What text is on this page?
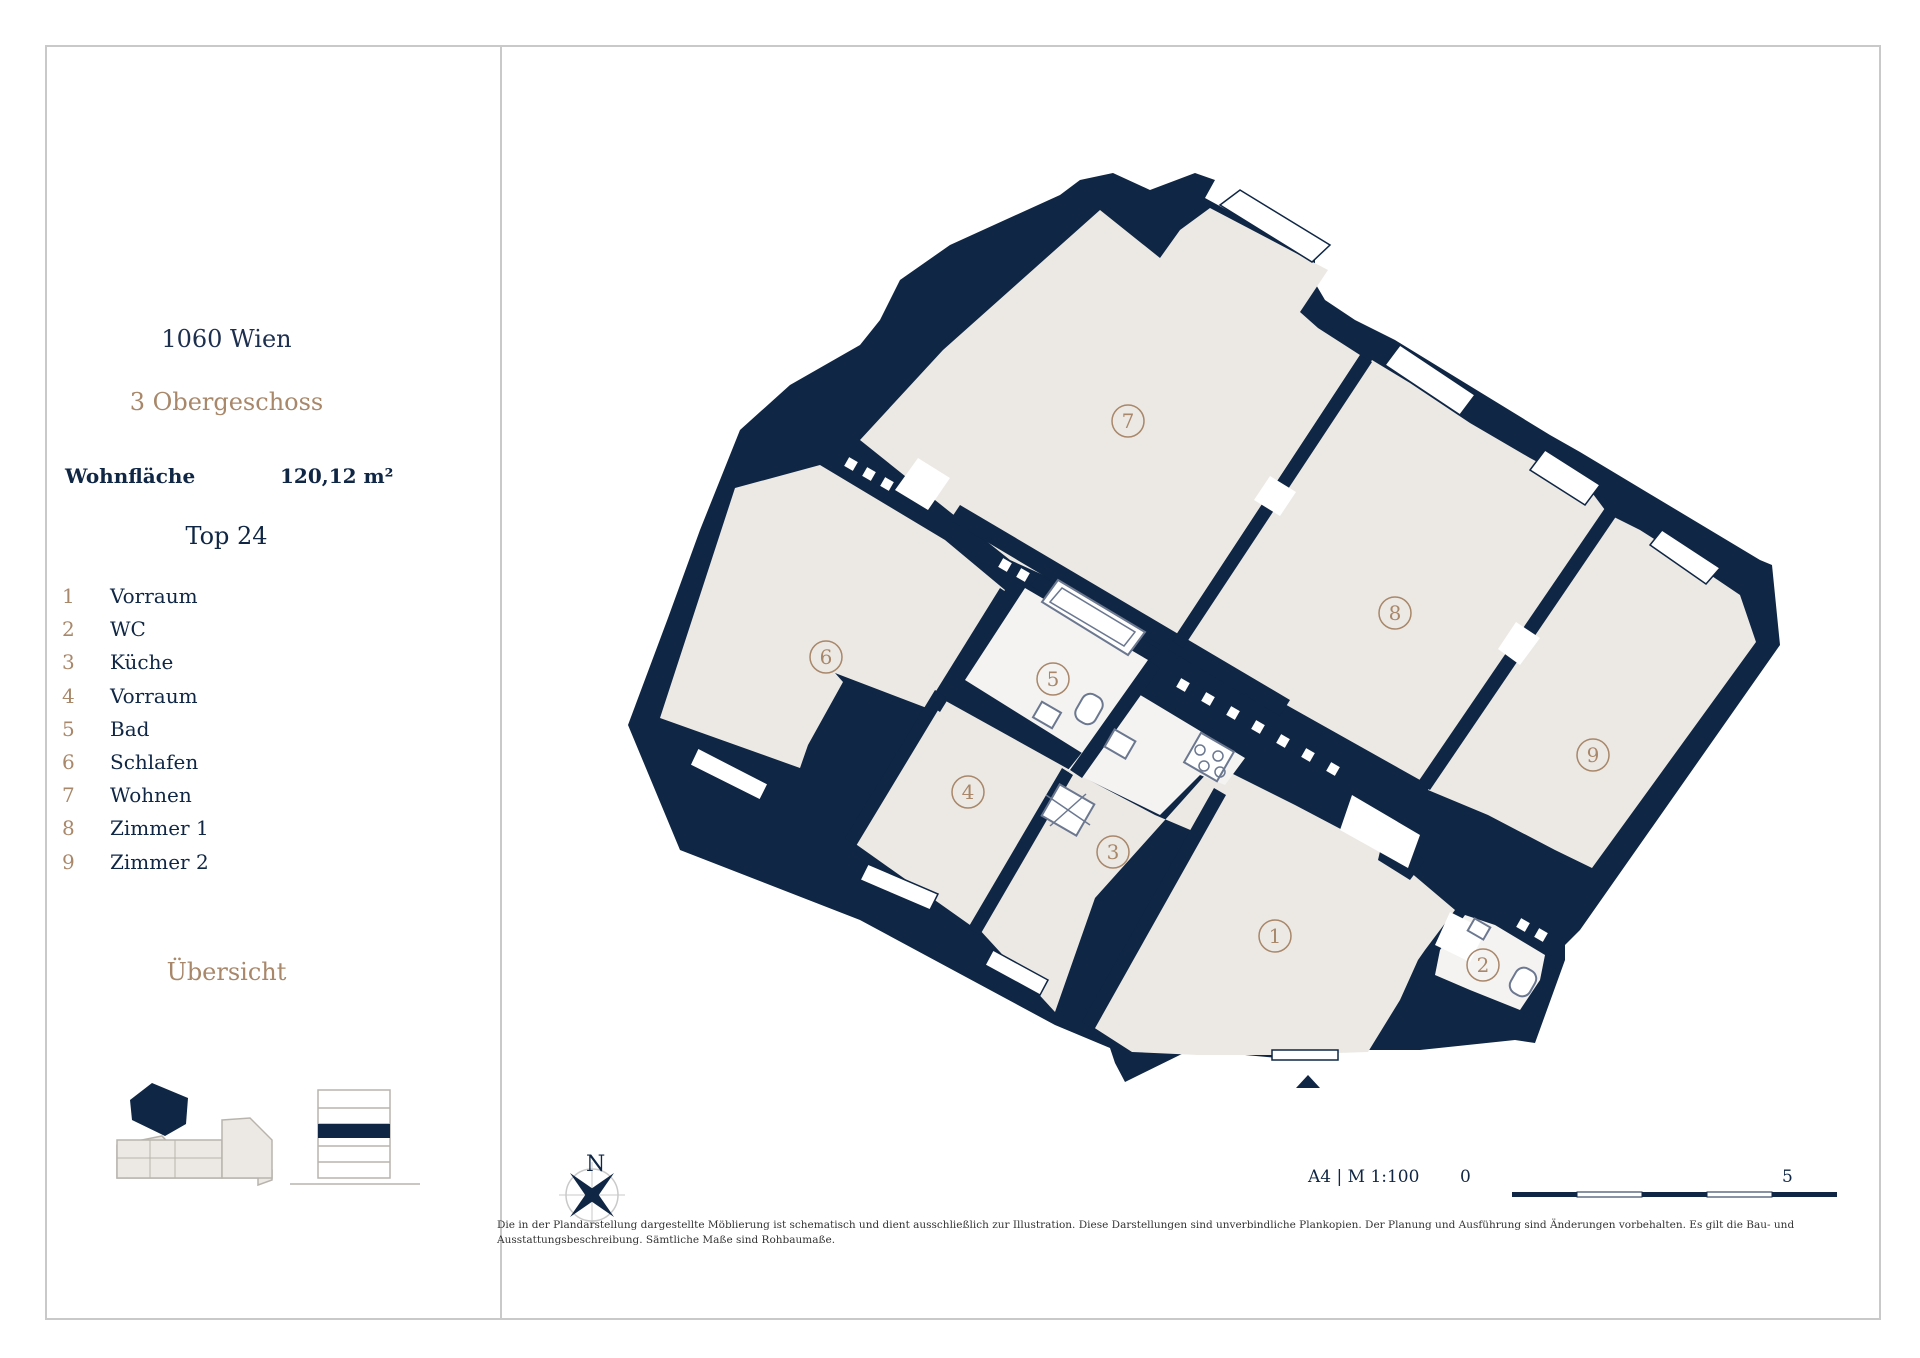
1060 Wien
3 Obergeschoss
Wohnfläche	120,12 m²
Top 24
1	Vorraum
2	WC
3	Küche
4	Vorraum
5	Bad
6	Schlafen
7	Wohnen
8	Zimmer 1
9	Zimmer 2
Übersicht
1
2
3
4
5
6
7
8
9
N	A4 | M 1:100 0	5
Die in der Plandarstellung dargestellte Möblierung ist schematisch und dient ausschließlich zur Illustration. Diese Darstellungen sind unverbindliche Plankopien. Der Planung und Ausführung sind Änderungen vorbehalten. Es gilt die Bau- und Ausstattungsbeschreibung. Sämtliche Maße sind Rohbaumaße.
